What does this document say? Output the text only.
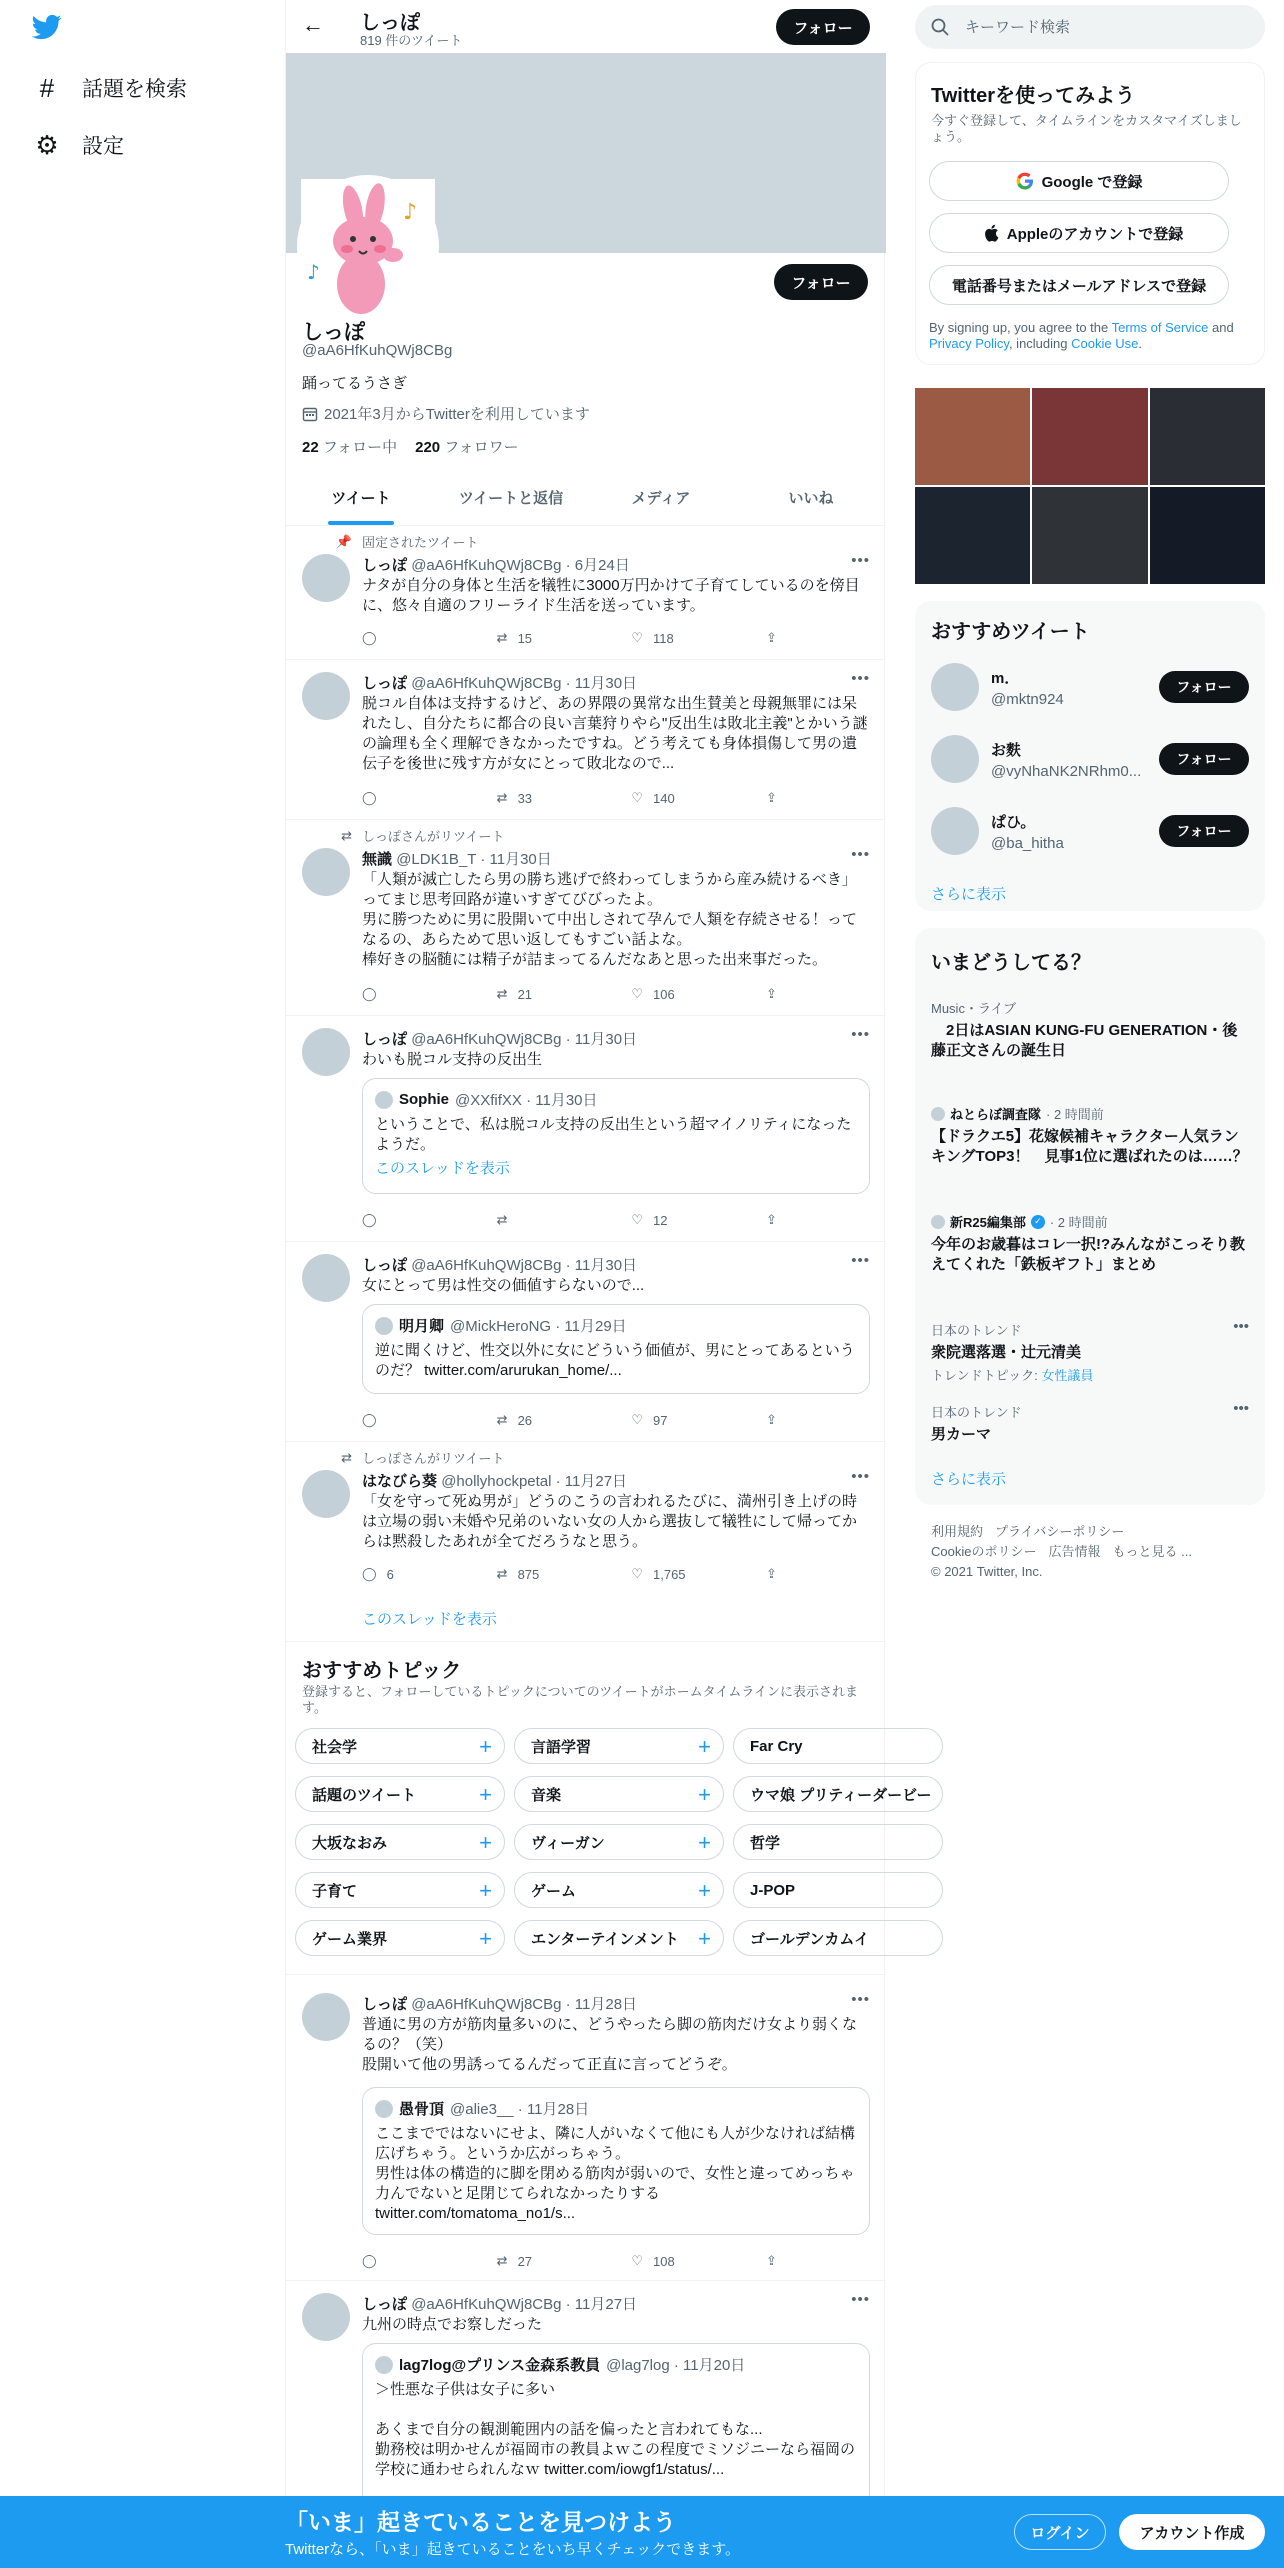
# 話題を検索
⚙ 設定
← しっぽ
819 件のツイート
フォロー
♪
♪	フォロー
しっぽ
@aA6HfKuhQWj8CBg
踊ってるうさぎ
2021年3月からTwitterを利用しています
22 フォロー中 220 フォロワー
ツイート	ツイートと返信	メディア	いいね
📌 固定されたツイート
しっぽ @aA6HfKuhQWj8CBg · 6月24日	•••
ナタが自分の身体と生活を犠牲に3000万円かけて子育てしているのを傍目に、悠々自適のフリーライド生活を送っています。
◯	⇄ 15	♡ 118	⇪
しっぽ @aA6HfKuhQWj8CBg · 11月30日	•••
脱コル自体は支持するけど、あの界隈の異常な出生賛美と母親無罪には呆れたし、自分たちに都合の良い言葉狩りやら"反出生は敗北主義"とかいう謎の論理も全く理解できなかったですね。どう考えても身体損傷して男の遺伝子を後世に残す方が女にとって敗北なので...
◯	⇄ 33	♡ 140	⇪
⇄ しっぽさんがリツイート
無識 @LDK1B_T · 11月30日	•••
「人類が滅亡したら男の勝ち逃げで終わってしまうから産み続けるべき」ってまじ思考回路が違いすぎてびびったよ。
男に勝つために男に股開いて中出しされて孕んで人類を存続させる！ってなるの、あらためて思い返してもすごい話よな。
棒好きの脳髄には精子が詰まってるんだなあと思った出来事だった。
◯	⇄ 21	♡ 106	⇪
しっぽ @aA6HfKuhQWj8CBg · 11月30日	•••
わいも脱コル支持の反出生
Sophie @XXfifXX · 11月30日
ということで、私は脱コル支持の反出生という超マイノリティになったようだ。
このスレッドを表示
◯	⇄	♡ 12	⇪
しっぽ @aA6HfKuhQWj8CBg · 11月30日	•••
女にとって男は性交の価値すらないので...
明月卿 @MickHeroNG · 11月29日
逆に聞くけど、性交以外に女にどういう価値が、男にとってあるというのだ？ twitter.com/arurukan_home/...
◯	⇄ 26	♡ 97	⇪
⇄ しっぽさんがリツイート
はなびら葵 @hollyhockpetal · 11月27日	•••
「女を守って死ぬ男が」どうのこうの言われるたびに、満州引き上げの時は立場の弱い未婚や兄弟のいない女の人から選抜して犠牲にして帰ってからは黙殺したあれが全てだろうなと思う。
◯ 6	⇄ 875	♡ 1,765	⇪
このスレッドを表示
おすすめトピック
登録すると、フォローしているトピックについてのツイートがホームタイムラインに表示されます。
社会学	+	言語学習	+	Far Cry
話題のツイート	+	音楽	+	ウマ娘 プリティーダービー
大坂なおみ	+	ヴィーガン	+	哲学
子育て	+	ゲーム	+	J-POP
ゲーム業界	+	エンターテインメント +	ゴールデンカムイ
しっぽ @aA6HfKuhQWj8CBg · 11月28日	•••
普通に男の方が筋肉量多いのに、どうやったら脚の筋肉だけ女より弱くなるの？（笑）
股開いて他の男誘ってるんだって正直に言ってどうぞ。
愚骨頂 @alie3__ · 11月28日
ここまでではないにせよ、隣に人がいなくて他にも人が少なければ結構広げちゃう。というか広がっちゃう。
男性は体の構造的に脚を閉める筋肉が弱いので、女性と違ってめっちゃ力んでないと足閉じてられなかったりする
twitter.com/tomatoma_no1/s...
◯	⇄ 27	♡ 108	⇪
しっぽ @aA6HfKuhQWj8CBg · 11月27日	•••
九州の時点でお察しだった
lag7log@プリンス金森系教員 @lag7log · 11月20日
＞性悪な子供は女子に多い

あくまで自分の観測範囲内の話を偏ったと言われてもな...
勤務校は明かせんが福岡市の教員よｗこの程度でミソジニーなら福岡の学校に通わせられんなｗ twitter.com/iowgf1/status/...
キーワード検索
Twitterを使ってみよう
今すぐ登録して、タイムラインをカスタマイズしましょう。
Google で登録
Appleのアカウントで登録
電話番号またはメールアドレスで登録
By signing up, you agree to the Terms of Service and Privacy Policy, including Cookie Use.
おすすめツイート
m．
@mktn924
フォロー
お麩
@vyNhaNK2NRhm0...
フォロー
ぱひ。
@ba_hitha
フォロー
さらに表示
いまどうしてる？
Music・ライブ
　2日はASIAN KUNG-FU GENERATION・後藤正文さんの誕生日
ねとらぼ調査隊 · 2 時間前
【ドラクエ5】花嫁候補キャラクター人気ランキングTOP3！　見事1位に選ばれたのは……？
新R25編集部 ✓ · 2 時間前
今年のお歳暮はコレ一択!?みんながこっそり教えてくれた「鉄板ギフト」まとめ
日本のトレンド
衆院選落選・辻元清美
トレンドトピック: 女性議員
•••
日本のトレンド
男カーマ
•••
さらに表示
利用規約 プライバシーポリシー
Cookieのポリシー 広告情報 もっと見る ...
© 2021 Twitter, Inc.
「いま」起きていることを見つけよう
Twitterなら、「いま」起きていることをいち早くチェックできます。
ログイン	アカウント作成
